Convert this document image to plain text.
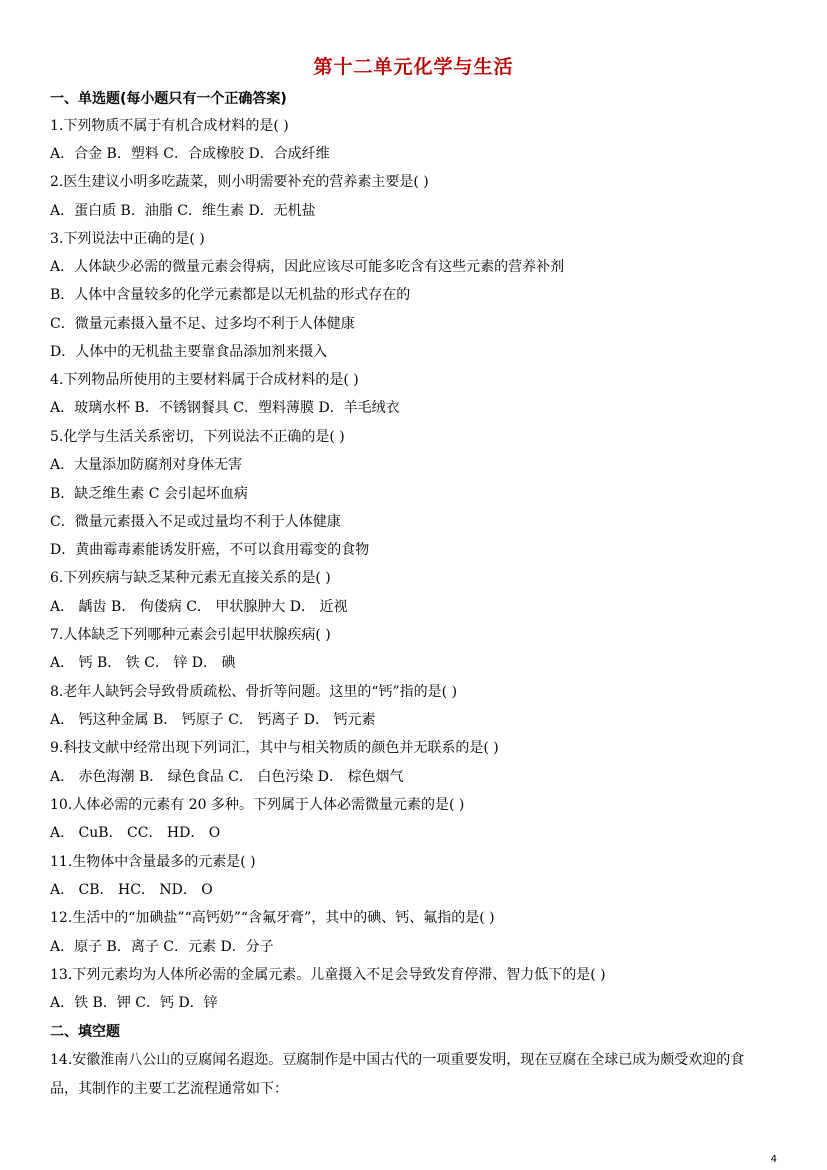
第十二单元化学与生活
一、单选题(每小题只有一个正确答案)
1.下列物质不属于有机合成材料的是( )
A．合金 B．塑料 C．合成橡胶 D．合成纤维
2.医生建议小明多吃蔬菜，则小明需要补充的营养素主要是( )
A．蛋白质 B．油脂 C．维生素 D．无机盐
3.下列说法中正确的是( )
A．人体缺少必需的微量元素会得病，因此应该尽可能多吃含有这些元素的营养补剂
B．人体中含量较多的化学元素都是以无机盐的形式存在的
C．微量元素摄入量不足、过多均不利于人体健康
D．人体中的无机盐主要靠食品添加剂来摄入
4.下列物品所使用的主要材料属于合成材料的是( )
A．玻璃水杯 B．不锈钢餐具 C．塑料薄膜 D．羊毛绒衣
5.化学与生活关系密切，下列说法不正确的是( )
A．大量添加防腐剂对身体无害
B．缺乏维生素 C 会引起坏血病
C．微量元素摄入不足或过量均不利于人体健康
D．黄曲霉毒素能诱发肝癌，不可以食用霉变的食物
6.下列疾病与缺乏某种元素无直接关系的是( )
A． 龋齿 B． 佝偻病 C． 甲状腺肿大 D． 近视
7.人体缺乏下列哪种元素会引起甲状腺疾病( )
A． 钙 B． 铁 C． 锌 D． 碘
8.老年人缺钙会导致骨质疏松、骨折等问题。这里的“钙”指的是( )
A． 钙这种金属 B． 钙原子 C． 钙离子 D． 钙元素
9.科技文献中经常出现下列词汇，其中与相关物质的颜色并无联系的是( )
A． 赤色海潮 B． 绿色食品 C． 白色污染 D． 棕色烟气
10.人体必需的元素有 20 多种。下列属于人体必需微量元素的是( )
A． CuB． CC． HD． O
11.生物体中含量最多的元素是( )
A． CB． HC． ND． O
12.生活中的“加碘盐”“高钙奶”“含氟牙膏”，其中的碘、钙、氟指的是( )
A．原子 B．离子 C．元素 D．分子
13.下列元素均为人体所必需的金属元素。儿童摄入不足会导致发育停滞、智力低下的是( )
A．铁 B．钾 C．钙 D．锌
二、填空题
14.安徽淮南八公山的豆腐闻名遐迩。豆腐制作是中国古代的一项重要发明，现在豆腐在全球已成为颇受欢迎的食
品，其制作的主要工艺流程通常如下：
4
